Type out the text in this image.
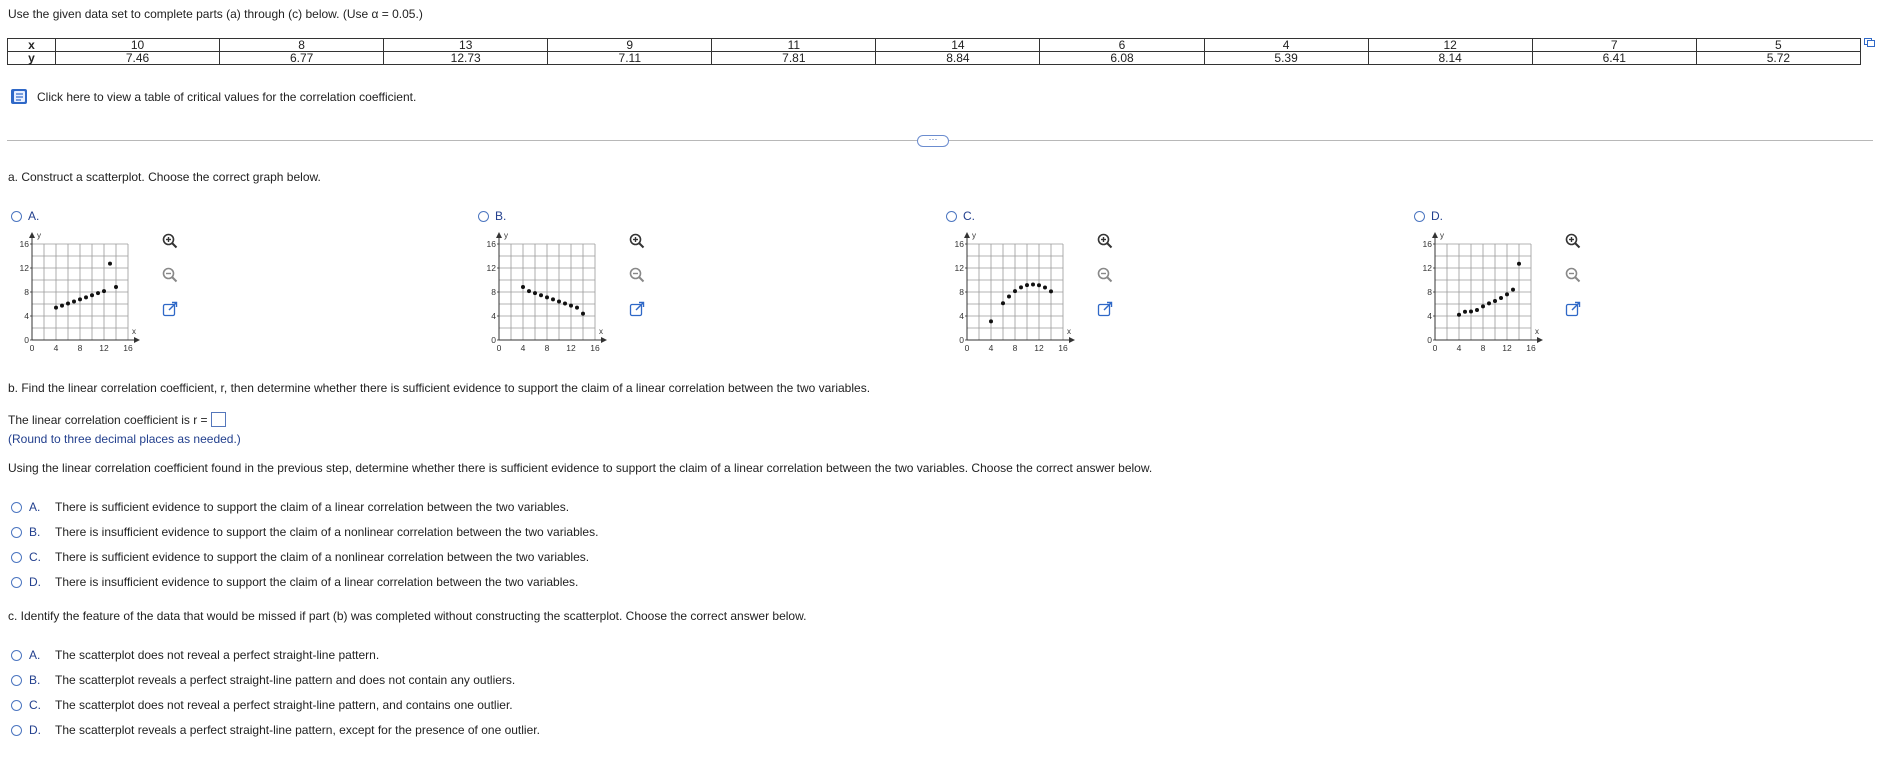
Use the given data set to complete parts (a) through (c) below. (Use α = 0.05.)
x	10	8	13	9	11	14	6	4	12	7	5
y	7.46	6.77	12.73	7.11	7.81	8.84	6.08	5.39	8.14	6.41	5.72
Click here to view a table of critical values for the correlation coefficient.
⋯
a. Construct a scatterplot. Choose the correct graph below.
A.
y
x
16
12
8
4
0
0 4 8 12 16
B.
y
x
16
12
8
4
0
0 4 8 12 16
C.
y
x
16
12
8
4
0
0 4 8 12 16
D.
y
x
16
12
8
4
0
0 4 8 12 16
b. Find the linear correlation coefficient, r, then determine whether there is sufficient evidence to support the claim of a linear correlation between the two variables.
The linear correlation coefficient is r =
(Round to three decimal places as needed.)
Using the linear correlation coefficient found in the previous step, determine whether there is sufficient evidence to support the claim of a linear correlation between the two variables. Choose the correct answer below.
A.	There is sufficient evidence to support the claim of a linear correlation between the two variables.
B.	There is insufficient evidence to support the claim of a nonlinear correlation between the two variables.
C.	There is sufficient evidence to support the claim of a nonlinear correlation between the two variables.
D.	There is insufficient evidence to support the claim of a linear correlation between the two variables.
c. Identify the feature of the data that would be missed if part (b) was completed without constructing the scatterplot. Choose the correct answer below.
A.	The scatterplot does not reveal a perfect straight-line pattern.
B.	The scatterplot reveals a perfect straight-line pattern and does not contain any outliers.
C.	The scatterplot does not reveal a perfect straight-line pattern, and contains one outlier.
D.	The scatterplot reveals a perfect straight-line pattern, except for the presence of one outlier.
